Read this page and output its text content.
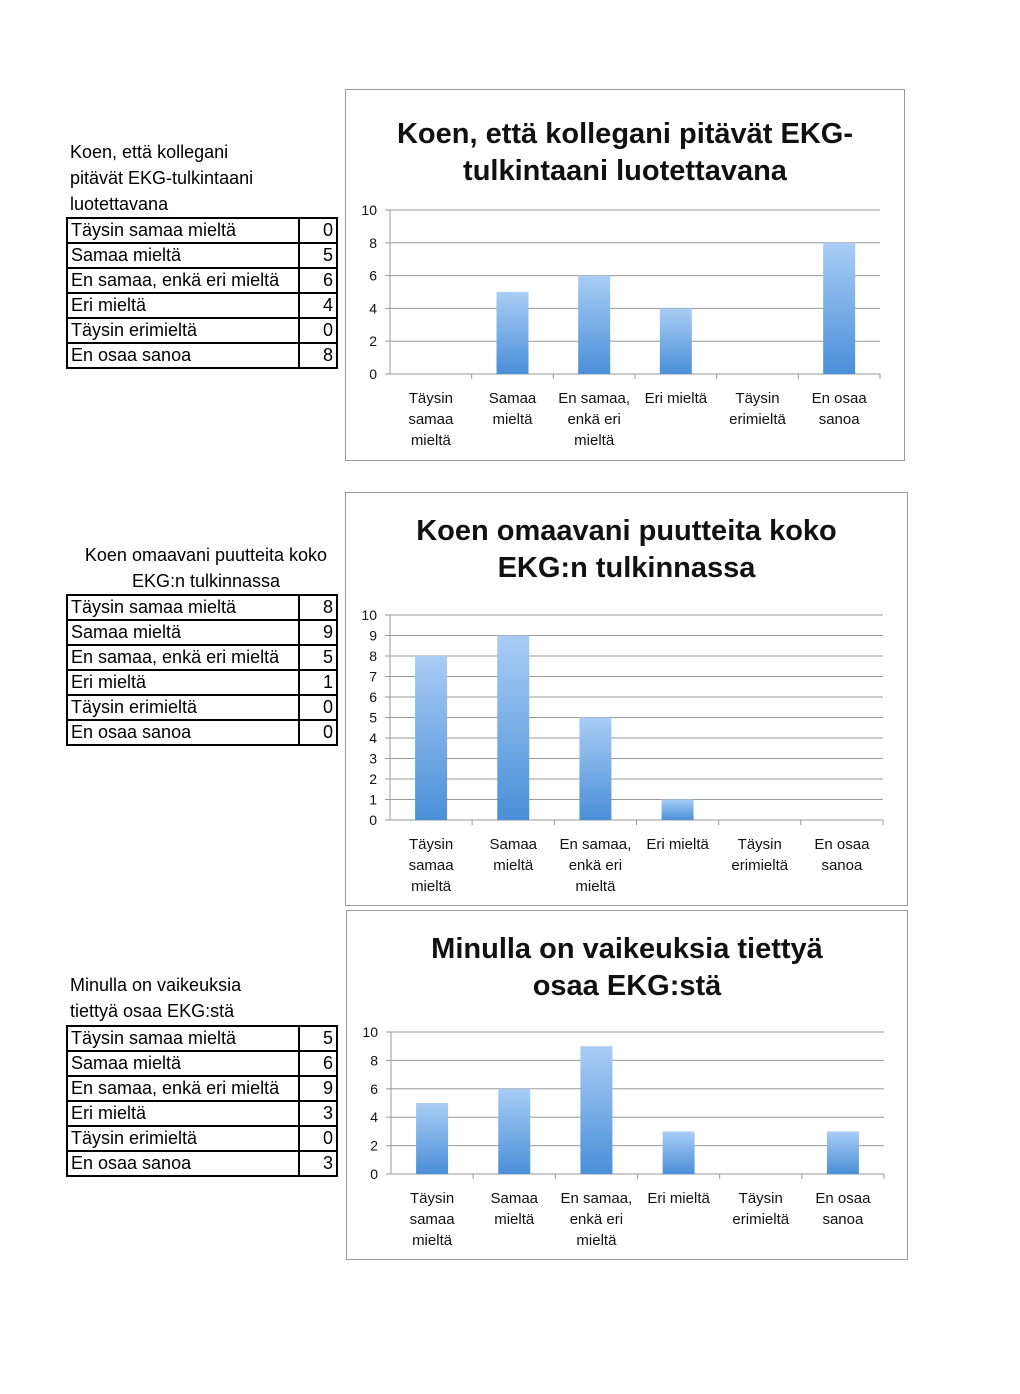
Koen, että kollegani
pitävät EKG-tulkintaani
luotettavana
Täysin samaa mieltä	0
Samaa mieltä	5
En samaa, enkä eri mieltä	6
Eri mieltä	4
Täysin erimieltä	0
En osaa sanoa	8
Koen, että kollegani pitävät EKG-
tulkintaani luotettavana
0
2
4
6
8
10
Täysin samaa mieltä
Samaa mieltä
En samaa, enkä eri mieltä
Eri mieltä	Täysin erimieltä
En osaa sanoa
Koen omaavani puutteita koko
EKG:n tulkinnassa
Täysin samaa mieltä	8
Samaa mieltä	9
En samaa, enkä eri mieltä	5
Eri mieltä	1
Täysin erimieltä	0
En osaa sanoa	0
Koen omaavani puutteita koko
EKG:n tulkinnassa
0
1
2
3
4
5
6
7
8
9
10
Täysin samaa mieltä
Samaa mieltä
En samaa, enkä eri mieltä
Eri mieltä	Täysin erimieltä
En osaa sanoa
Minulla on vaikeuksia
tiettyä osaa EKG:stä
Täysin samaa mieltä	5
Samaa mieltä	6
En samaa, enkä eri mieltä	9
Eri mieltä	3
Täysin erimieltä	0
En osaa sanoa	3
Minulla on vaikeuksia tiettyä
osaa EKG:stä
0
2
4
6
8
10
Täysin samaa mieltä
Samaa mieltä
En samaa, enkä eri mieltä
Eri mieltä	Täysin erimieltä
En osaa sanoa
